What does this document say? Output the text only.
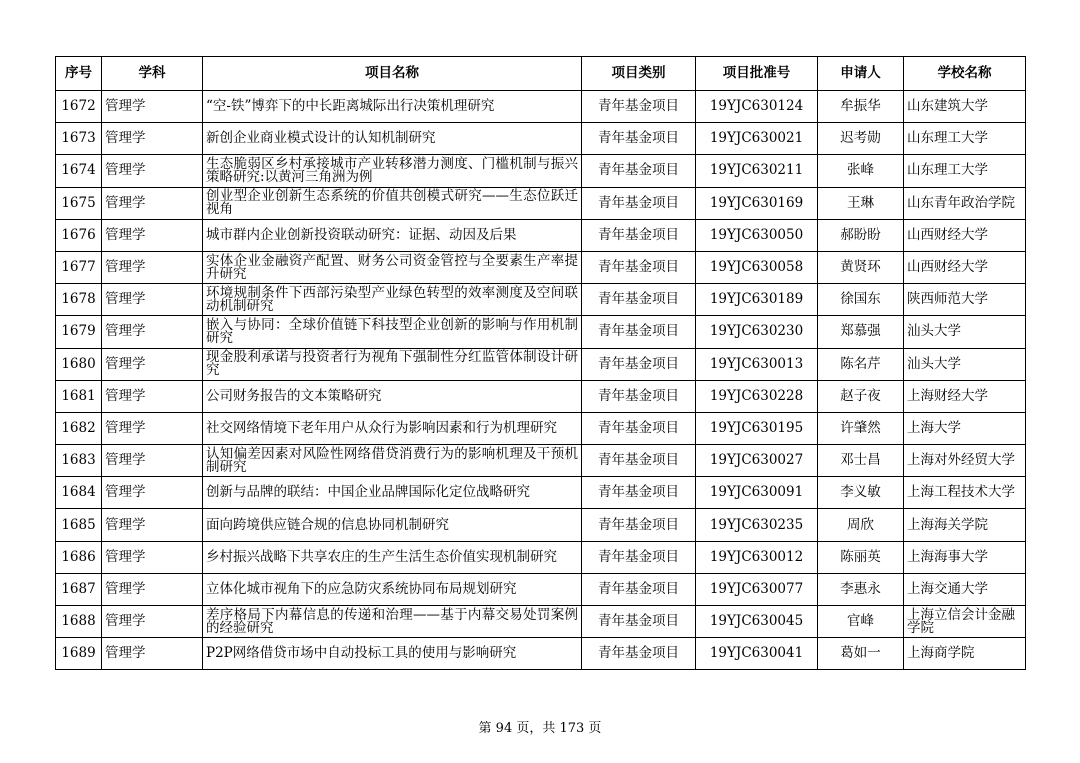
序号	学科	项目名称	项目类别	项目批准号	申请人	学校名称
1672	管理学	“空-铁”博弈下的中长距离城际出行决策机理研究	青年基金项目	19YJC630124	牟振华	山东建筑大学
1673	管理学	新创企业商业模式设计的认知机制研究	青年基金项目	19YJC630021	迟考勋	山东理工大学
1674	管理学	生态脆弱区乡村承接城市产业转移潜力测度、门槛机制与振兴策略研究:以黄河三角洲为例	青年基金项目	19YJC630211	张峰	山东理工大学
1675	管理学	创业型企业创新生态系统的价值共创模式研究——生态位跃迁视角	青年基金项目	19YJC630169	王琳	山东青年政治学院
1676	管理学	城市群内企业创新投资联动研究：证据、动因及后果	青年基金项目	19YJC630050	郝盼盼	山西财经大学
1677	管理学	实体企业金融资产配置、财务公司资金管控与全要素生产率提升研究	青年基金项目	19YJC630058	黄贤环	山西财经大学
1678	管理学	环境规制条件下西部污染型产业绿色转型的效率测度及空间联动机制研究	青年基金项目	19YJC630189	徐国东	陕西师范大学
1679	管理学	嵌入与协同：全球价值链下科技型企业创新的影响与作用机制研究	青年基金项目	19YJC630230	郑慕强	汕头大学
1680	管理学	现金股利承诺与投资者行为视角下强制性分红监管体制设计研究	青年基金项目	19YJC630013	陈名芹	汕头大学
1681	管理学	公司财务报告的文本策略研究	青年基金项目	19YJC630228	赵子夜	上海财经大学
1682	管理学	社交网络情境下老年用户从众行为影响因素和行为机理研究	青年基金项目	19YJC630195	许肇然	上海大学
1683	管理学	认知偏差因素对风险性网络借贷消费行为的影响机理及干预机制研究	青年基金项目	19YJC630027	邓士昌	上海对外经贸大学
1684	管理学	创新与品牌的联结：中国企业品牌国际化定位战略研究	青年基金项目	19YJC630091	李义敏	上海工程技术大学
1685	管理学	面向跨境供应链合规的信息协同机制研究	青年基金项目	19YJC630235	周欣	上海海关学院
1686	管理学	乡村振兴战略下共享农庄的生产生活生态价值实现机制研究	青年基金项目	19YJC630012	陈丽英	上海海事大学
1687	管理学	立体化城市视角下的应急防灾系统协同布局规划研究	青年基金项目	19YJC630077	李惠永	上海交通大学
1688	管理学	差序格局下内幕信息的传递和治理——基于内幕交易处罚案例的经验研究	青年基金项目	19YJC630045	官峰	上海立信会计金融学院
1689	管理学	P2P网络借贷市场中自动投标工具的使用与影响研究	青年基金项目	19YJC630041	葛如一	上海商学院
第 94 页，共 173 页
